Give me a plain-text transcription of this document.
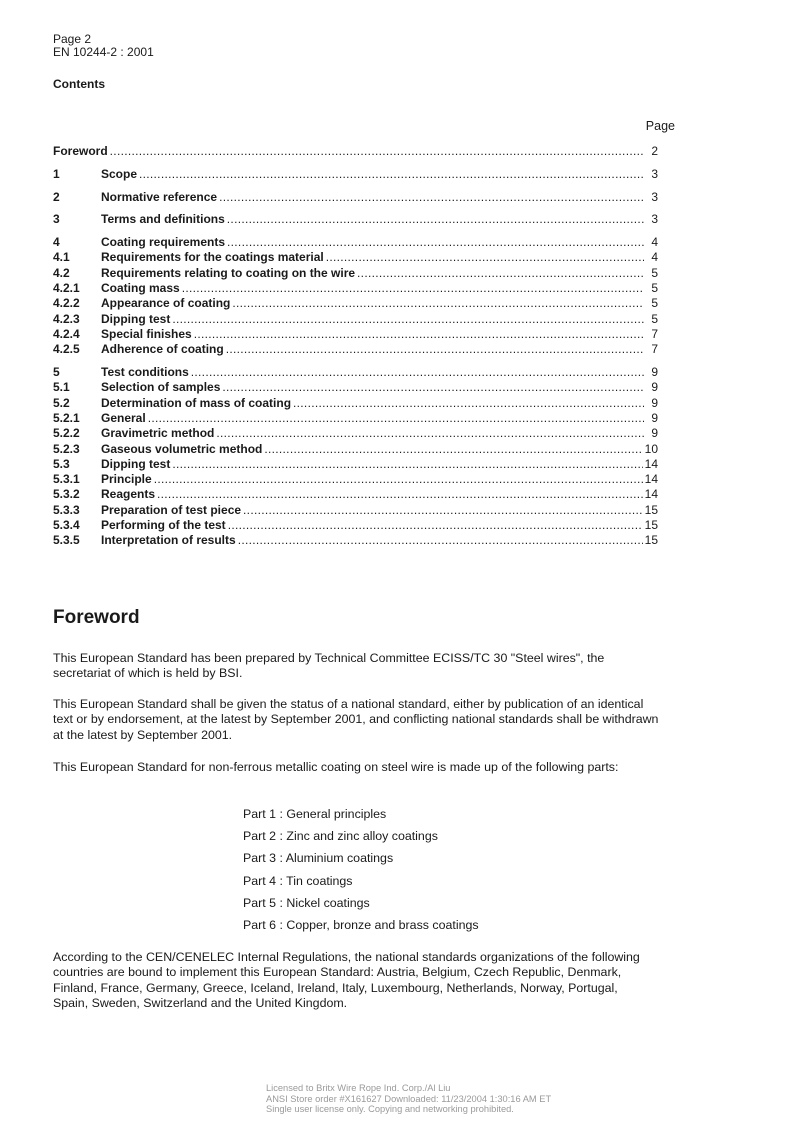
Page 2
EN 10244-2 : 2001
Contents
Page
Foreword .....	2
1	Scope .....	3
2	Normative reference .....	3
3	Terms and definitions .....	3
4	Coating requirements .....	4
4.1	Requirements for the coatings material .....	4
4.2	Requirements relating to coating on the wire .....	5
4.2.1	Coating mass .....	5
4.2.2	Appearance of coating .....	5
4.2.3	Dipping test .....	5
4.2.4	Special finishes .....	7
4.2.5	Adherence of coating .....	7
5	Test conditions .....	9
5.1	Selection of samples .....	9
5.2	Determination of mass of coating .....	9
5.2.1	General .....	9
5.2.2	Gravimetric method .....	9
5.2.3	Gaseous volumetric method .....	10
5.3	Dipping test .....	14
5.3.1	Principle .....	14
5.3.2	Reagents .....	14
5.3.3	Preparation of test piece .....	15
5.3.4	Performing of the test .....	15
5.3.5	Interpretation of results .....	15
Foreword

This European Standard has been prepared by Technical Committee ECISS/TC 30 "Steel wires", the secretariat of which is held by BSI.

This European Standard shall be given the status of a national standard, either by publication of an identical text or by endorsement, at the latest by September 2001, and conflicting national standards shall be withdrawn at the latest by September 2001.

This European Standard for non-ferrous metallic coating on steel wire is made up of the following parts:

Part 1 : General principles
Part 2 : Zinc and zinc alloy coatings
Part 3 : Aluminium coatings
Part 4 : Tin coatings
Part 5 : Nickel coatings
Part 6 : Copper, bronze and brass coatings

According to the CEN/CENELEC Internal Regulations, the national standards organizations of the following countries are bound to implement this European Standard: Austria, Belgium, Czech Republic, Denmark, Finland, France, Germany, Greece, Iceland, Ireland, Italy, Luxembourg, Netherlands, Norway, Portugal, Spain, Sweden, Switzerland and the United Kingdom.

Licensed to Britx Wire Rope Ind. Corp./Al Liu
ANSI Store order #X161627 Downloaded: 11/23/2004 1:30:16 AM ET
Single user license only. Copying and networking prohibited.
